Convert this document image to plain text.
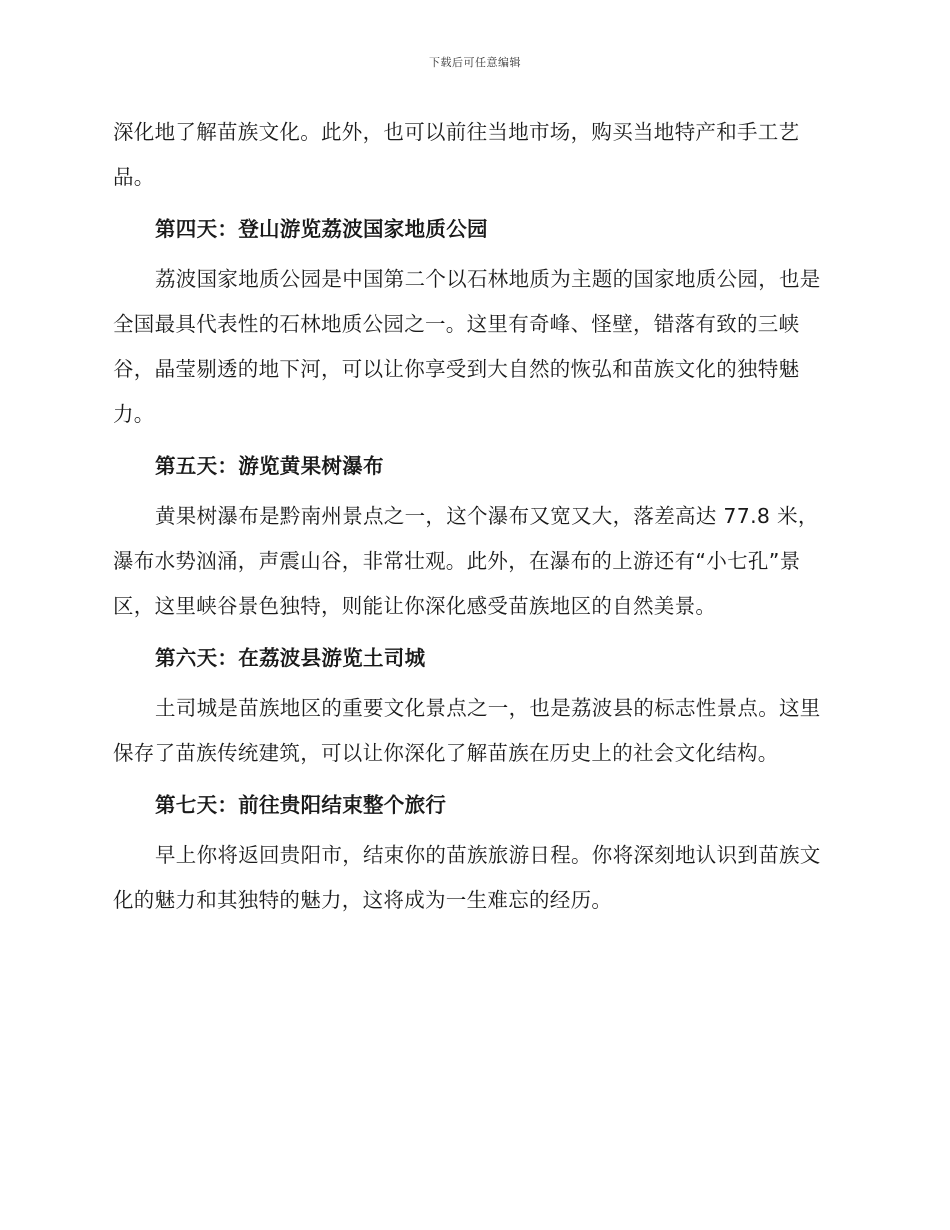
下载后可任意编辑

深化地了解苗族文化。此外，也可以前往当地市场，购买当地特产和手工艺品。

第四天：登山游览荔波国家地质公园

荔波国家地质公园是中国第二个以石林地质为主题的国家地质公园，也是全国最具代表性的石林地质公园之一。这里有奇峰、怪壁，错落有致的三峡谷，晶莹剔透的地下河，可以让你享受到大自然的恢弘和苗族文化的独特魅力。

第五天：游览黄果树瀑布

黄果树瀑布是黔南州景点之一，这个瀑布又宽又大，落差高达 77.8 米，瀑布水势汹涌，声震山谷，非常壮观。此外，在瀑布的上游还有“小七孔”景区，这里峡谷景色独特，则能让你深化感受苗族地区的自然美景。

第六天：在荔波县游览土司城

土司城是苗族地区的重要文化景点之一，也是荔波县的标志性景点。这里保存了苗族传统建筑，可以让你深化了解苗族在历史上的社会文化结构。

第七天：前往贵阳结束整个旅行

早上你将返回贵阳市，结束你的苗族旅游日程。你将深刻地认识到苗族文化的魅力和其独特的魅力，这将成为一生难忘的经历。
